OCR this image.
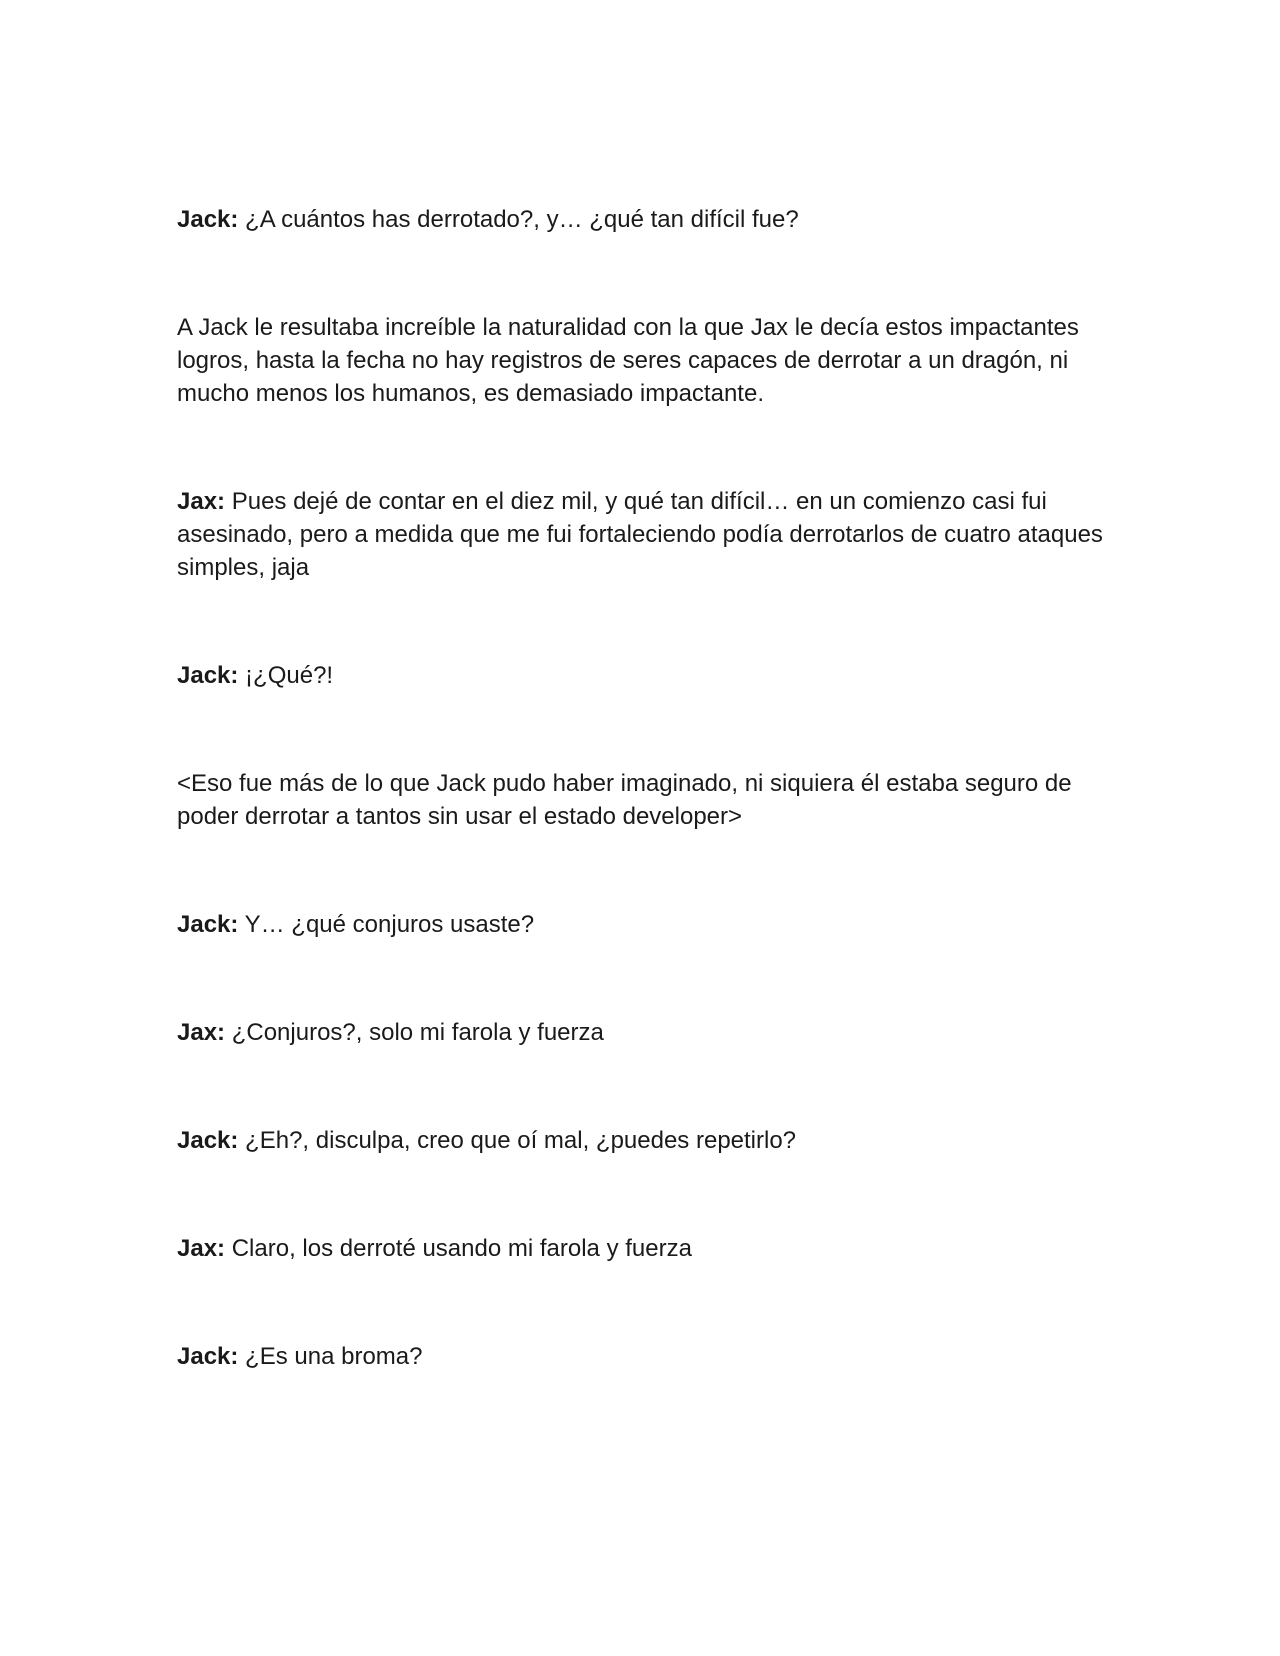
Jack: ¿A cuántos has derrotado?, y… ¿qué tan difícil fue?

A Jack le resultaba increíble la naturalidad con la que Jax le decía estos impactantes logros, hasta la fecha no hay registros de seres capaces de derrotar a un dragón, ni mucho menos los humanos, es demasiado impactante.

Jax: Pues dejé de contar en el diez mil, y qué tan difícil… en un comienzo casi fui asesinado, pero a medida que me fui fortaleciendo podía derrotarlos de cuatro ataques simples, jaja

Jack: ¡¿Qué?!

<Eso fue más de lo que Jack pudo haber imaginado, ni siquiera él estaba seguro de poder derrotar a tantos sin usar el estado developer>

Jack: Y… ¿qué conjuros usaste?

Jax: ¿Conjuros?, solo mi farola y fuerza

Jack: ¿Eh?, disculpa, creo que oí mal, ¿puedes repetirlo?

Jax: Claro, los derroté usando mi farola y fuerza

Jack: ¿Es una broma?
